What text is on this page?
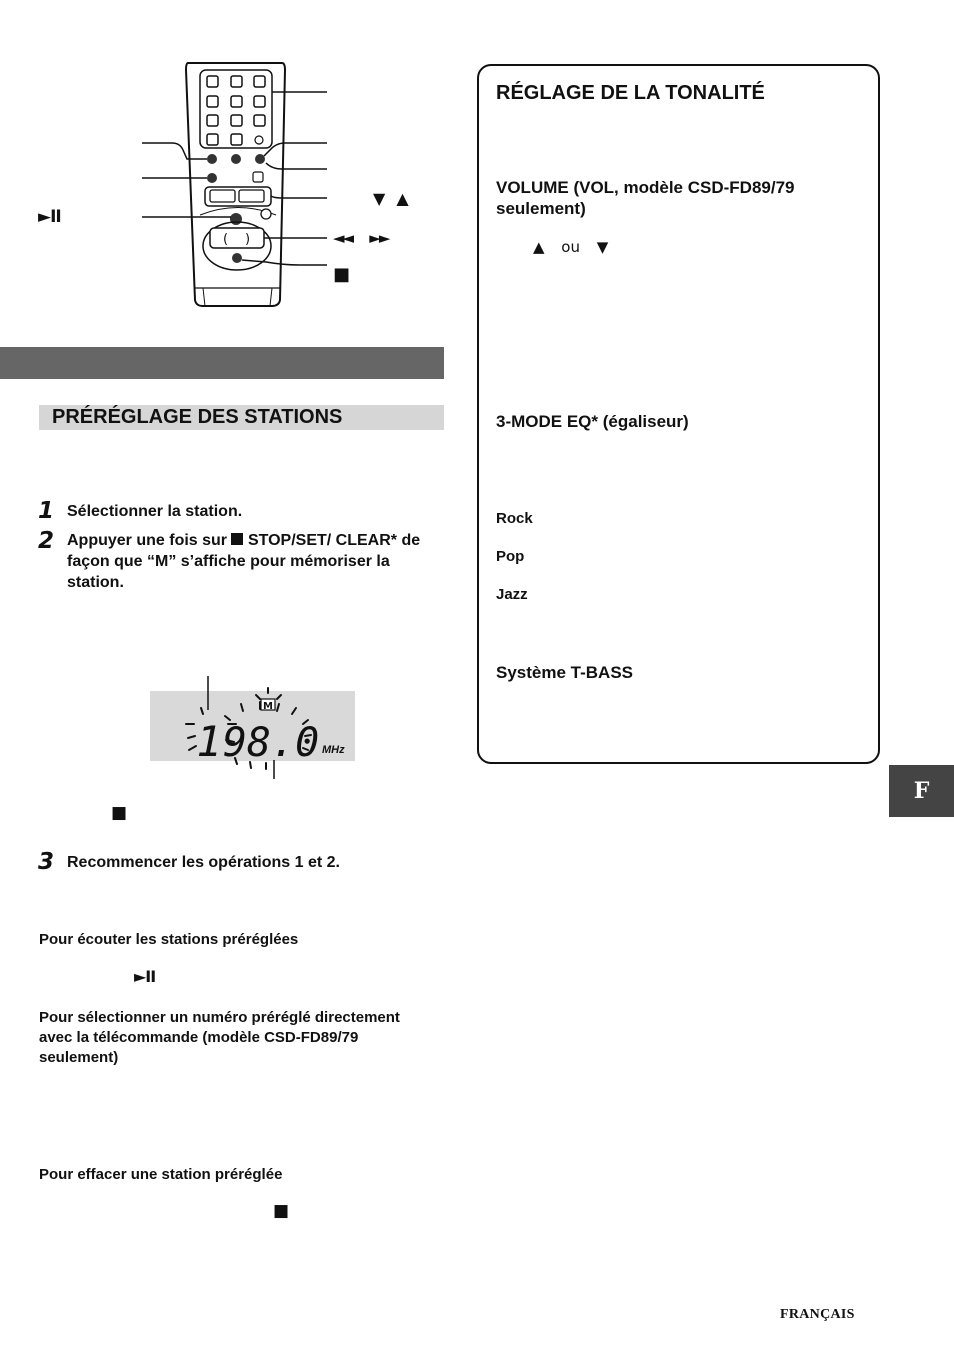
( )
►II
▼ ▲
◄◄ ►►
■
PRÉRÉGLAGE DES STATIONS
1 Sélectionner la station.
2 Appuyer une fois sur STOP/SET/ CLEAR* de façon que “M” s’affiche pour mémoriser la station.
M
1 98.0 MHz
■
3 Recommencer les opérations 1 et 2.
Pour écouter les stations préréglées
►II
Pour sélectionner un numéro préréglé directement avec la télécommande (modèle CSD-FD89/79 seulement)
Pour effacer une station préréglée
■
RÉGLAGE DE LA TONALITÉ
VOLUME (VOL, modèle CSD-FD89/79 seulement)
▲ ou ▼
3-MODE EQ* (égaliseur)
Rock
Pop
Jazz
Système T-BASS
F
FRANÇAIS
